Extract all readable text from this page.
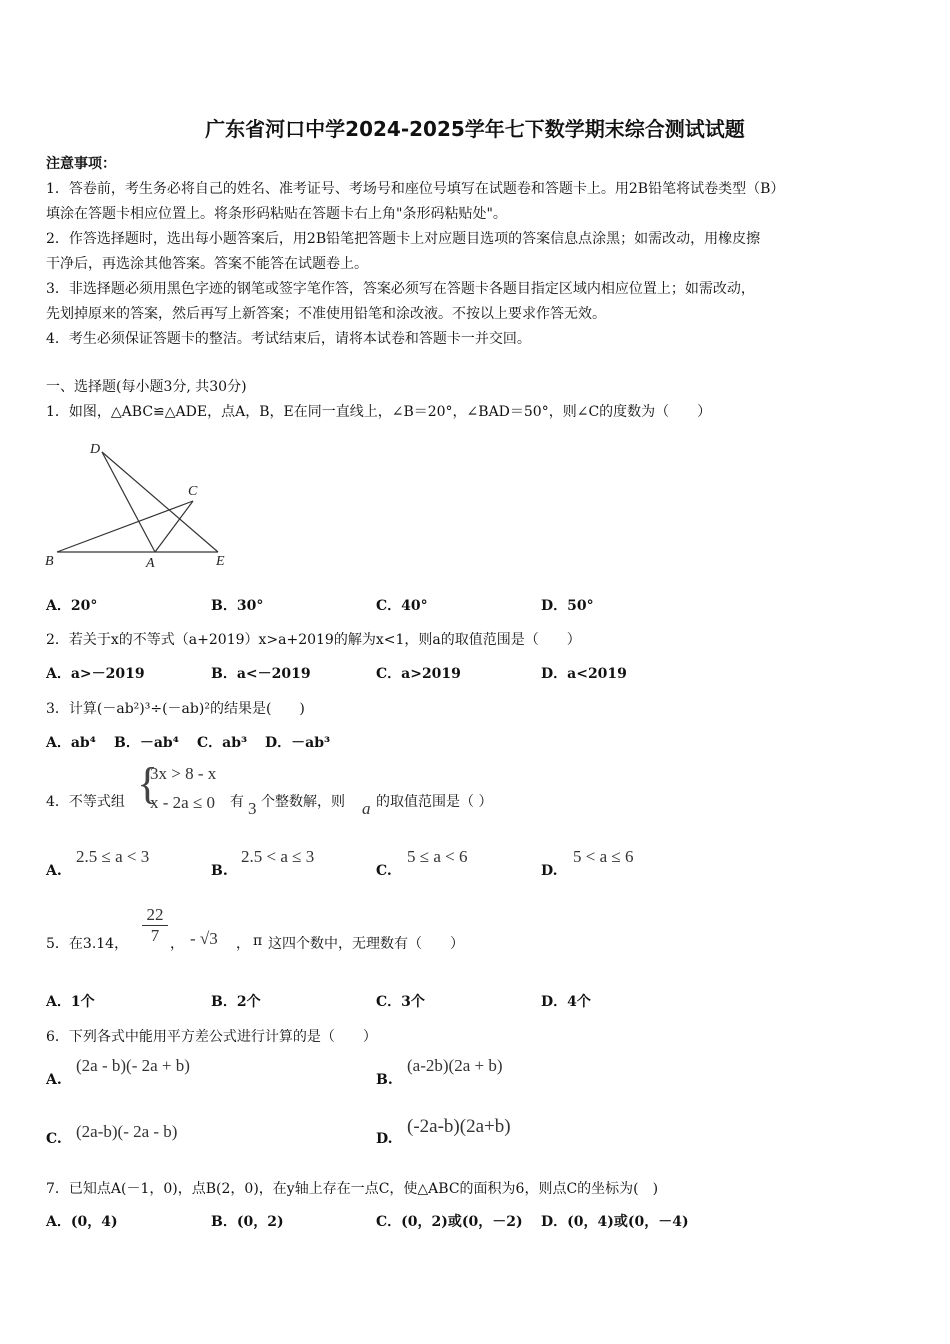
广东省河口中学2024-2025学年七下数学期末综合测试试题
注意事项：
1．答卷前，考生务必将自己的姓名、准考证号、考场号和座位号填写在试题卷和答题卡上。用2B铅笔将试卷类型（B）
填涂在答题卡相应位置上。将条形码粘贴在答题卡右上角"条形码粘贴处"。
2．作答选择题时，选出每小题答案后，用2B铅笔把答题卡上对应题目选项的答案信息点涂黑；如需改动，用橡皮擦
干净后，再选涂其他答案。答案不能答在试题卷上。
3．非选择题必须用黑色字迹的钢笔或签字笔作答，答案必须写在答题卡各题目指定区域内相应位置上；如需改动，
先划掉原来的答案，然后再写上新答案；不准使用铅笔和涂改液。不按以上要求作答无效。
4．考生必须保证答题卡的整洁。考试结束后，请将本试卷和答题卡一并交回。
一、选择题(每小题3分, 共30分)
1．如图，△ABC≌△ADE，点A，B，E在同一直线上，∠B＝20°，∠BAD＝50°，则∠C的度数为（　　）
D
C
B	A	E
A．20°	B．30°	C．40°	D．50°
2．若关于x的不等式（a+2019）x>a+2019的解为x<1，则a的取值范围是（　　）
A．a>－2019	B．a<－2019	C．a>2019	D．a<2019
3．计算(－ab²)³÷(－ab)²的结果是(　　)
A．ab⁴ B．－ab⁴ C．ab³ D．－ab³
4．不等式组 {
3x > 8 - x
x - 2a ≤ 0 有 3 个整数解，则 a 的取值范围是（ ）
A.
2.5 ≤ a < 3
B.
2.5 < a ≤ 3
C.
5 ≤ a < 6
D.
5 < a ≤ 6
5．在3.14，
22
7 ， - √3 ， π 这四个数中，无理数有（　　）
A．1个	B．2个	C．3个	D．4个
6．下列各式中能用平方差公式进行计算的是（　　）
A.
(2a - b)(- 2a + b)
B.
(a-2b)(2a + b)
C. (2a-b)(- 2a - b)	D.
(-2a-b)(2a+b)
7．已知点A(－1，0)，点B(2，0)，在y轴上存在一点C，使△ABC的面积为6，则点C的坐标为(　)
A．(0，4)	B．(0，2)	C．(0，2)或(0，－2) D．(0，4)或(0，－4)
